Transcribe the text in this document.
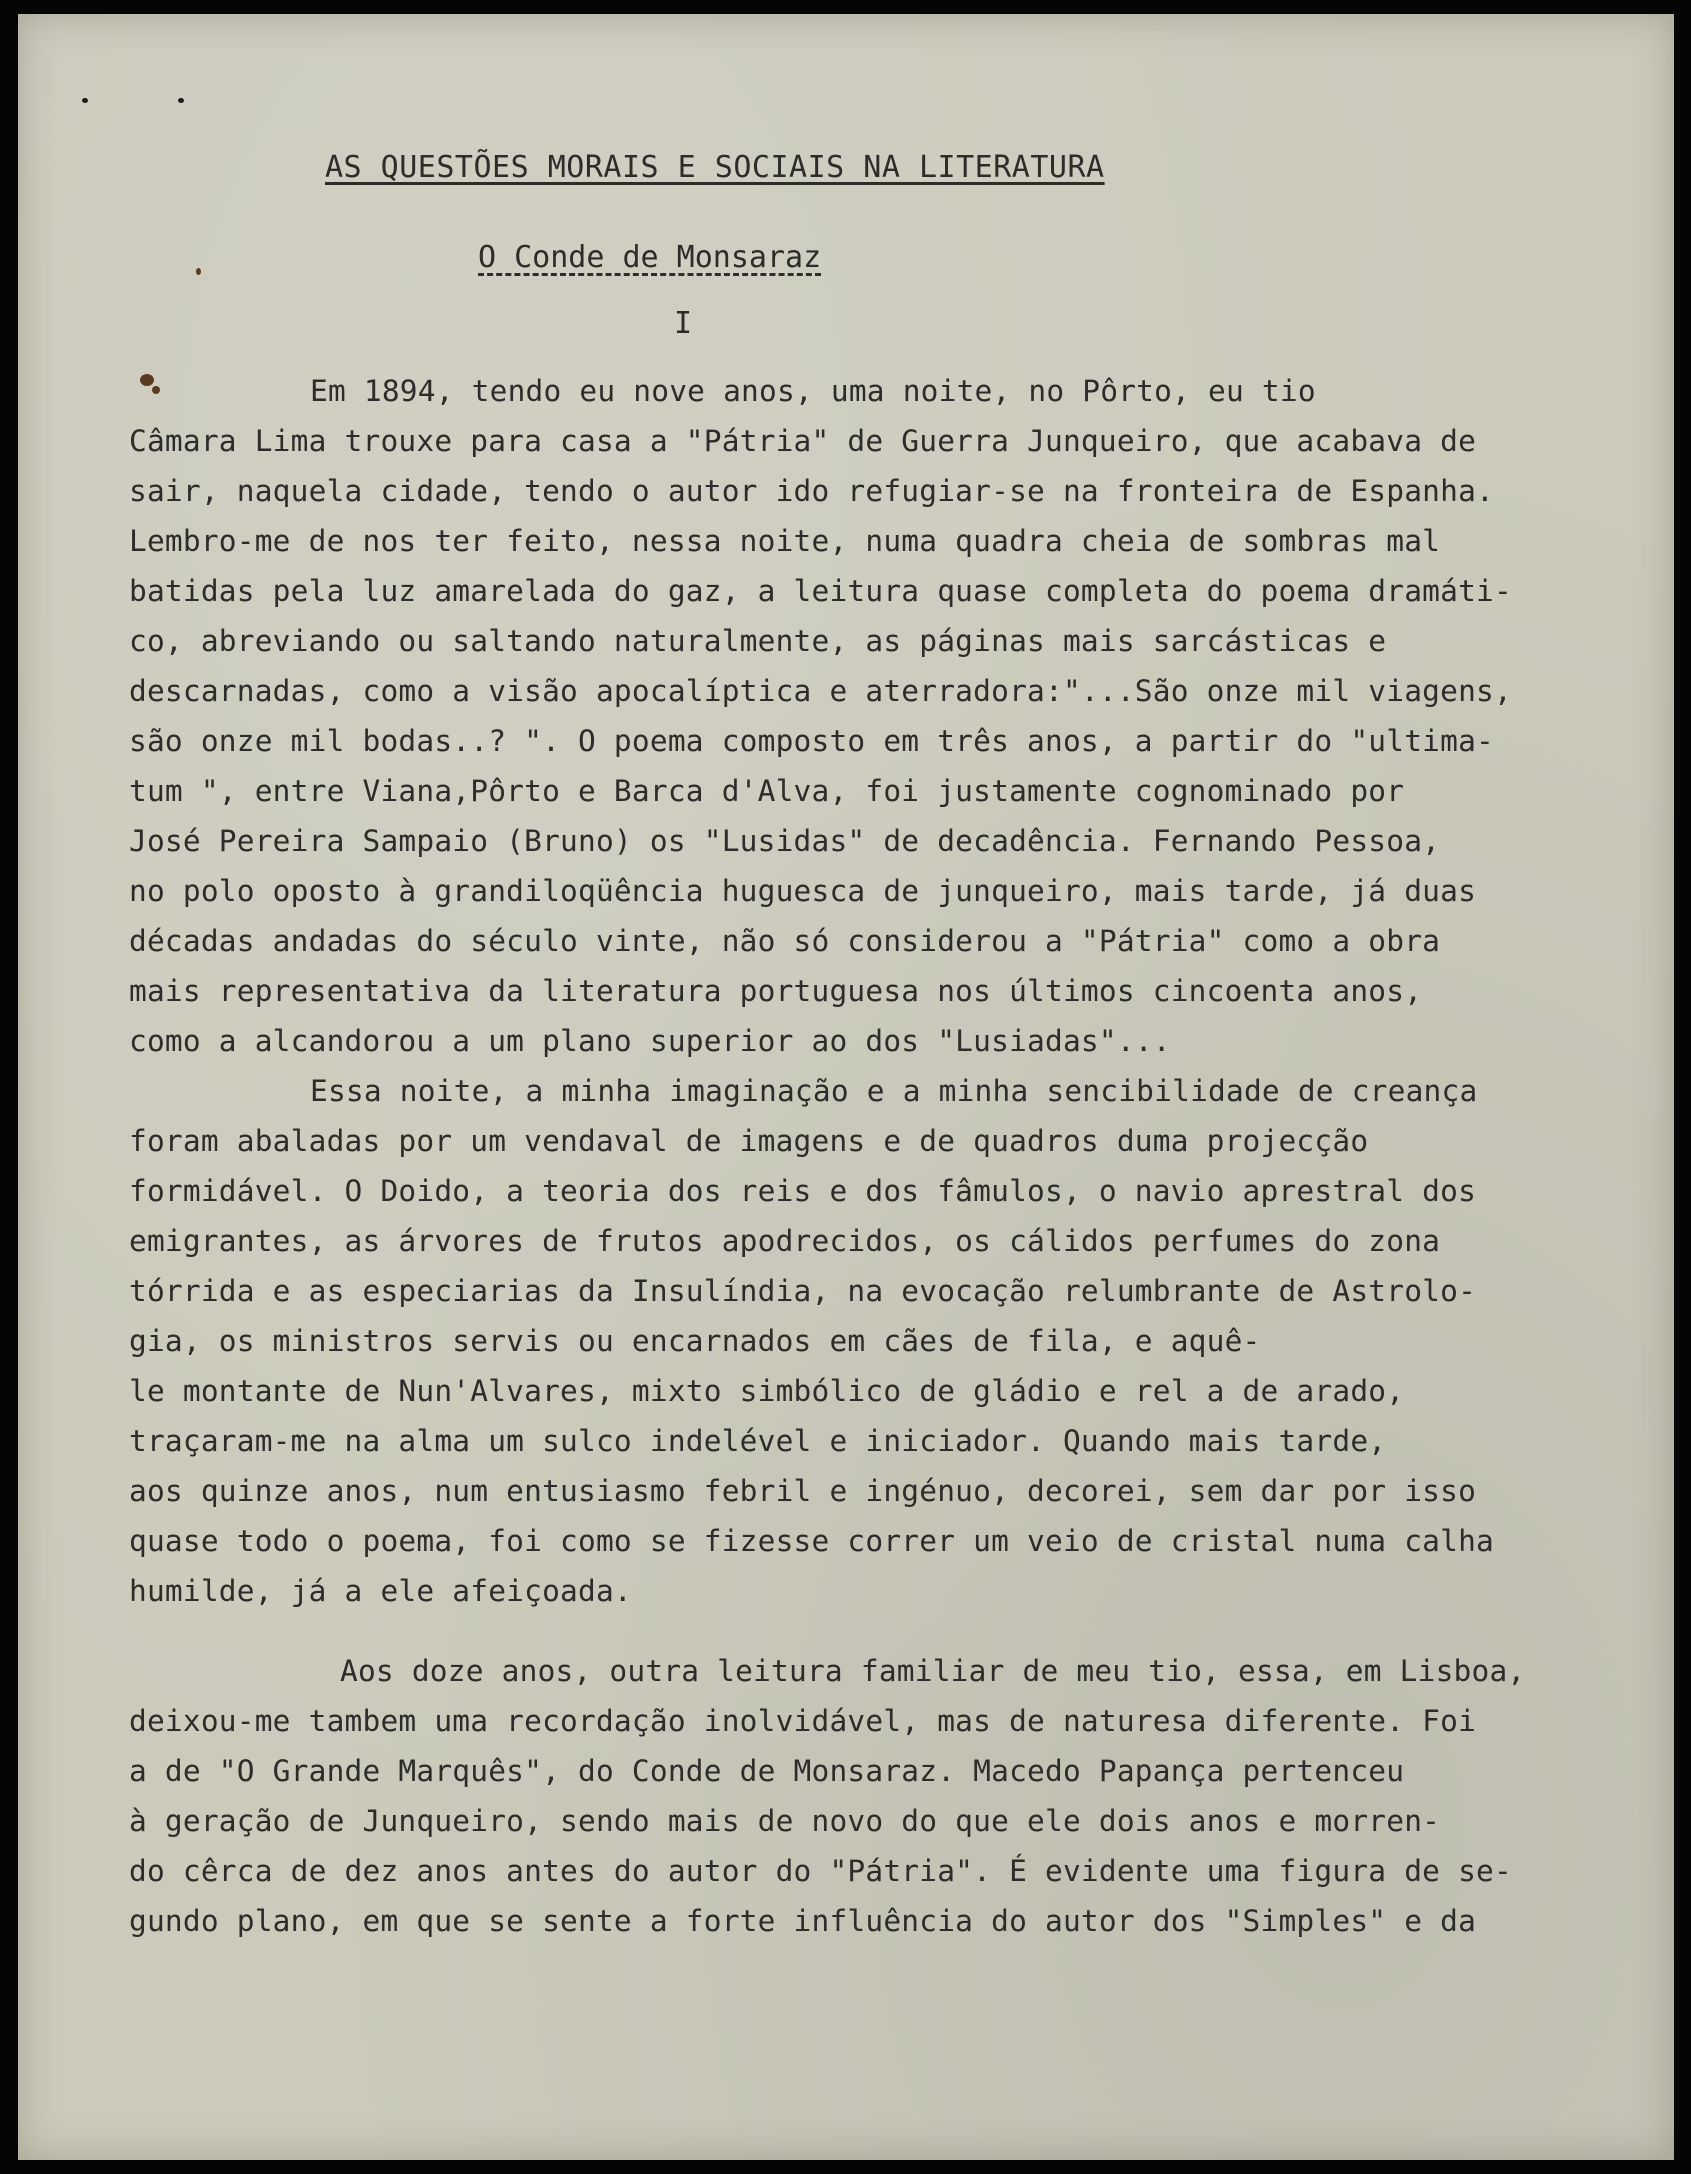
AS QUESTÕES MORAIS E SOCIAIS NA LITERATURA
O Conde de Monsaraz
I
Em 1894, tendo eu nove anos, uma noite, no Pôrto, eu tio
Câmara Lima trouxe para casa a "Pátria" de Guerra Junqueiro, que acabava de
sair, naquela cidade, tendo o autor ido refugiar-se na fronteira de Espanha.
Lembro-me de nos ter feito, nessa noite, numa quadra cheia de sombras mal
batidas pela luz amarelada do gaz, a leitura quase completa do poema dramáti-
co, abreviando ou saltando naturalmente, as páginas mais sarcásticas e
descarnadas, como a visão apocalíptica e aterradora:"...São onze mil viagens,
são onze mil bodas..? ". O poema composto em três anos, a partir do "ultima-
tum ", entre Viana,Pôrto e Barca d'Alva, foi justamente cognominado por
José Pereira Sampaio (Bruno) os "Lusidas" de decadência. Fernando Pessoa,
no polo oposto à grandiloqüência huguesca de junqueiro, mais tarde, já duas
décadas andadas do século vinte, não só considerou a "Pátria" como a obra
mais representativa da literatura portuguesa nos últimos cincoenta anos,
como a alcandorou a um plano superior ao dos "Lusiadas"...
Essa noite, a minha imaginação e a minha sencibilidade de creança
foram abaladas por um vendaval de imagens e de quadros duma projecção
formidável. O Doido, a teoria dos reis e dos fâmulos, o navio aprestral dos
emigrantes, as árvores de frutos apodrecidos, os cálidos perfumes do zona
tórrida e as especiarias da Insulíndia, na evocação relumbrante de Astrolo-
gia, os ministros servis ou encarnados em cães de fila, e aquê-
le montante de Nun'Alvares, mixto simbólico de gládio e rel a de arado,
traçaram-me na alma um sulco indelével e iniciador. Quando mais tarde,
aos quinze anos, num entusiasmo febril e ingénuo, decorei, sem dar por isso
quase todo o poema, foi como se fizesse correr um veio de cristal numa calha
humilde, já a ele afeiçoada.
Aos doze anos, outra leitura familiar de meu tio, essa, em Lisboa,
deixou-me tambem uma recordação inolvidável, mas de naturesa diferente. Foi
a de "O Grande Marquês", do Conde de Monsaraz. Macedo Papança pertenceu
à geração de Junqueiro, sendo mais de novo do que ele dois anos e morren-
do cêrca de dez anos antes do autor do "Pátria". É evidente uma figura de se-
gundo plano, em que se sente a forte influência do autor dos "Simples" e da
